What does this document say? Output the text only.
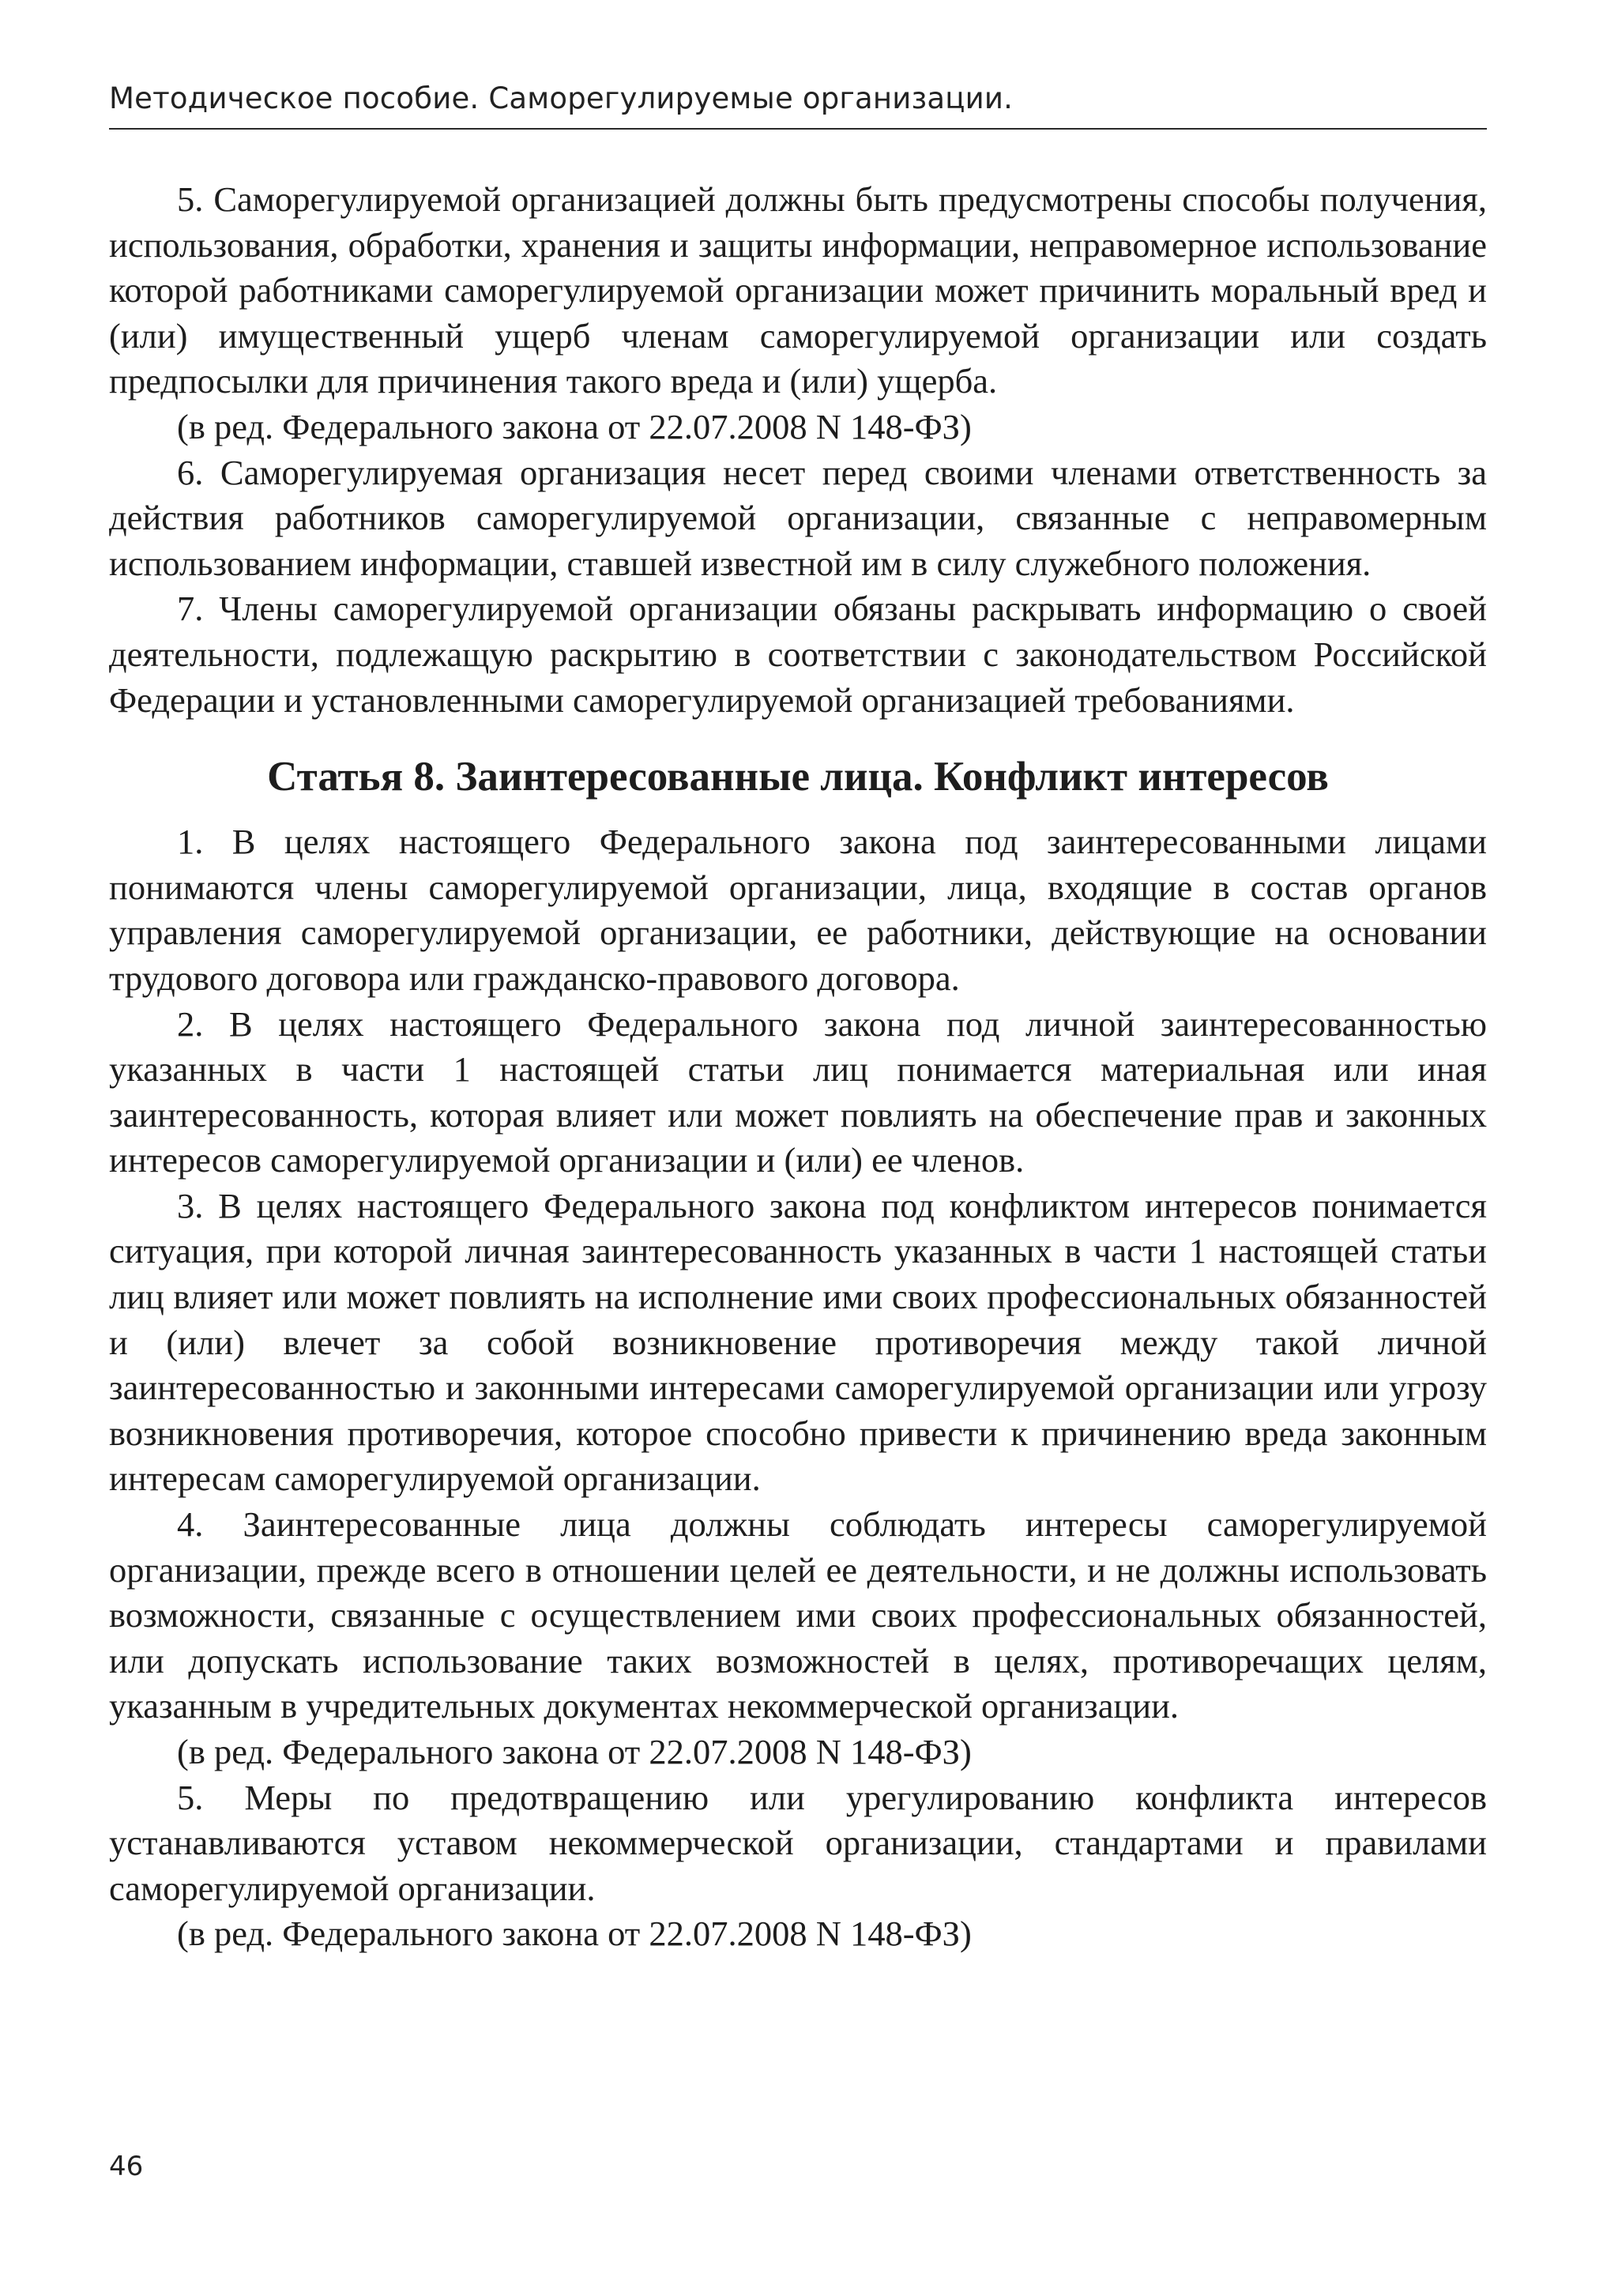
Методическое пособие. Саморегулируемые организации.

5. Саморегулируемой организацией должны быть предусмотрены способы получения, использования, обработки, хранения и защиты информации, неправомерное использование которой работниками саморегулируемой организации может причинить моральный вред и (или) имущественный ущерб членам саморегулируемой организации или создать предпосылки для причинения такого вреда и (или) ущерба.

(в ред. Федерального закона от 22.07.2008 N 148-ФЗ)

6. Саморегулируемая организация несет перед своими членами ответственность за действия работников саморегулируемой организации, связанные с неправомерным использованием информации, ставшей известной им в силу служебного положения.

7. Члены саморегулируемой организации обязаны раскрывать информацию о своей деятельности, подлежащую раскрытию в соответствии с законодательством Российской Федерации и установленными саморегулируемой организацией требованиями.

Статья 8. Заинтересованные лица. Конфликт интересов

1. В целях настоящего Федерального закона под заинтересованными лицами понимаются члены саморегулируемой организации, лица, входящие в состав органов управления саморегулируемой организации, ее работники, действующие на основании трудового договора или гражданско-правового договора.

2. В целях настоящего Федерального закона под личной заинтересованностью указанных в части 1 настоящей статьи лиц понимается материальная или иная заинтересованность, которая влияет или может повлиять на обеспечение прав и законных интересов саморегулируемой организации и (или) ее членов.

3. В целях настоящего Федерального закона под конфликтом интересов понимается ситуация, при которой личная заинтересованность указанных в части 1 настоящей статьи лиц влияет или может повлиять на исполнение ими своих профессиональных обязанностей и (или) влечет за собой возникновение противоречия между такой личной заинтересованностью и законными интересами саморегулируемой организации или угрозу возникновения противоречия, которое способно привести к причинению вреда законным интересам саморегулируемой организации.

4. Заинтересованные лица должны соблюдать интересы саморегулируемой организации, прежде всего в отношении целей ее деятельности, и не должны использовать возможности, связанные с осуществлением ими своих профессиональных обязанностей, или допускать использование таких возможностей в целях, противоречащих целям, указанным в учредительных документах некоммерческой организации.

(в ред. Федерального закона от 22.07.2008 N 148-ФЗ)

5. Меры по предотвращению или урегулированию конфликта интересов устанавливаются уставом некоммерческой организации, стандартами и правилами саморегулируемой организации.

(в ред. Федерального закона от 22.07.2008 N 148-ФЗ)

46
